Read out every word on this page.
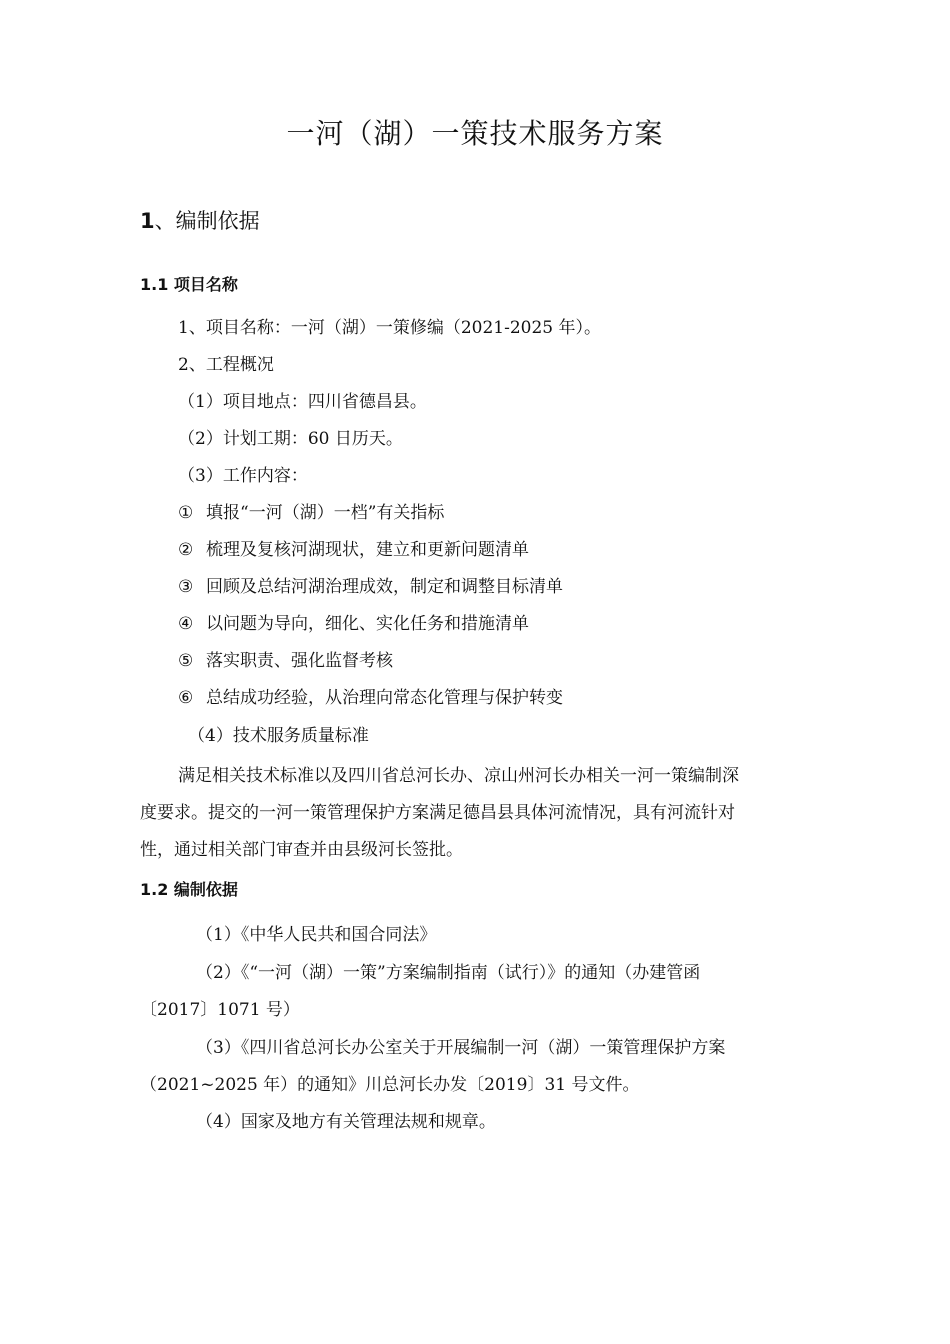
一河（湖）一策技术服务方案
1、编制依据
1.1 项目名称
1、项目名称：一河（湖）一策修编（2021-2025 年）。
2、工程概况
（1）项目地点：四川省德昌县。
（2）计划工期：60 日历天。
（3）工作内容：
① 填报“一河（湖）一档”有关指标
② 梳理及复核河湖现状，建立和更新问题清单
③ 回顾及总结河湖治理成效，制定和调整目标清单
④ 以问题为导向，细化、实化任务和措施清单
⑤ 落实职责、强化监督考核
⑥ 总结成功经验，从治理向常态化管理与保护转变
（4）技术服务质量标准
满足相关技术标准以及四川省总河长办、凉山州河长办相关一河一策编制深
度要求。提交的一河一策管理保护方案满足德昌县具体河流情况，具有河流针对
性，通过相关部门审查并由县级河长签批。
1.2 编制依据
（1）《中华人民共和国合同法》
（2）《“一河（湖）一策”方案编制指南（试行）》的通知（办建管函
〔2017〕1071 号）
（3）《四川省总河长办公室关于开展编制一河（湖）一策管理保护方案
（2021~2025 年）的通知》川总河长办发〔2019〕31 号文件。
（4）国家及地方有关管理法规和规章。
